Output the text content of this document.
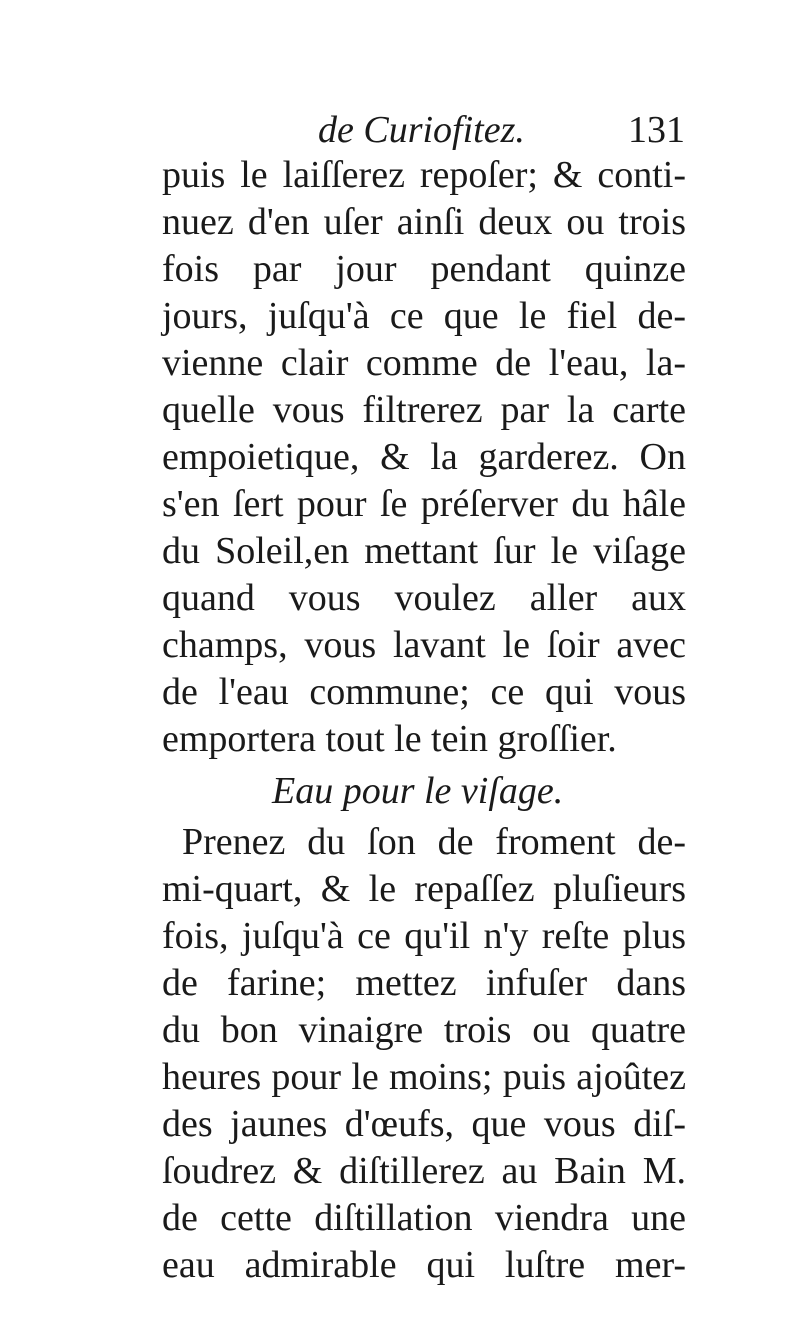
de Curiofitez.	131
puis le laiſſerez repoſer; & conti-
nuez d'en uſer ainſi deux ou trois
fois par jour pendant quinze
jours, juſqu'à ce que le fiel de-
vienne clair comme de l'eau, la-
quelle vous filtrerez par la carte
empoietique, & la garderez. On
s'en ſert pour ſe préſerver du hâle
du Soleil,en mettant ſur le viſage
quand vous voulez aller aux
champs, vous lavant le ſoir avec
de l'eau commune; ce qui vous
emportera tout le tein groſſier.
Eau pour le viſage.
Prenez du ſon de froment de-
mi-quart, & le repaſſez pluſieurs
fois, juſqu'à ce qu'il n'y reſte plus
de farine; mettez infuſer dans
du bon vinaigre trois ou quatre
heures pour le moins; puis ajoûtez
des jaunes d'œufs, que vous diſ-
ſoudrez & diſtillerez au Bain M.
de cette diſtillation viendra une
eau admirable qui luſtre mer-
